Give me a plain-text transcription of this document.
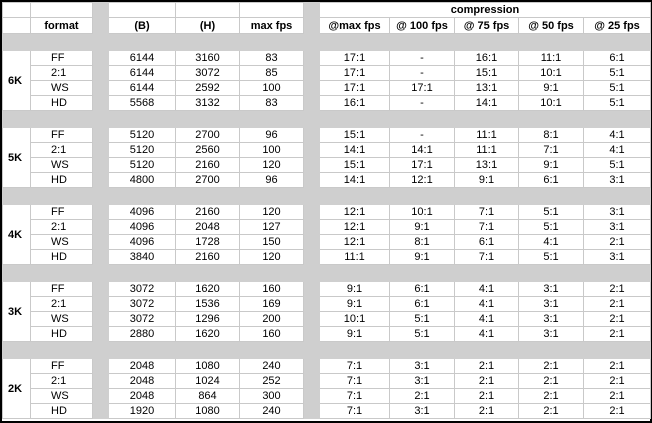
							compression				
	format		(B)	(H)	max fps		@max fps	@ 100 fps	@ 75 fps	@ 50 fps	@ 25 fps

6K	FF		6144	3160	83		17:1	-	16:1	11:1	6:1
	2:1		6144	3072	85		17:1	-	15:1	10:1	5:1
	WS		6144	2592	100		17:1	17:1	13:1	9:1	5:1
	HD		5568	3132	83		16:1	-	14:1	10:1	5:1

5K	FF		5120	2700	96		15:1	-	11:1	8:1	4:1
	2:1		5120	2560	100		14:1	14:1	11:1	7:1	4:1
	WS		5120	2160	120		15:1	17:1	13:1	9:1	5:1
	HD		4800	2700	96		14:1	12:1	9:1	6:1	3:1

4K	FF		4096	2160	120		12:1	10:1	7:1	5:1	3:1
	2:1		4096	2048	127		12:1	9:1	7:1	5:1	3:1
	WS		4096	1728	150		12:1	8:1	6:1	4:1	2:1
	HD		3840	2160	120		11:1	9:1	7:1	5:1	3:1

3K	FF		3072	1620	160		9:1	6:1	4:1	3:1	2:1
	2:1		3072	1536	169		9:1	6:1	4:1	3:1	2:1
	WS		3072	1296	200		10:1	5:1	4:1	3:1	2:1
	HD		2880	1620	160		9:1	5:1	4:1	3:1	2:1

2K	FF		2048	1080	240		7:1	3:1	2:1	2:1	2:1
	2:1		2048	1024	252		7:1	3:1	2:1	2:1	2:1
	WS		2048	864	300		7:1	2:1	2:1	2:1	2:1
	HD		1920	1080	240		7:1	3:1	2:1	2:1	2:1
